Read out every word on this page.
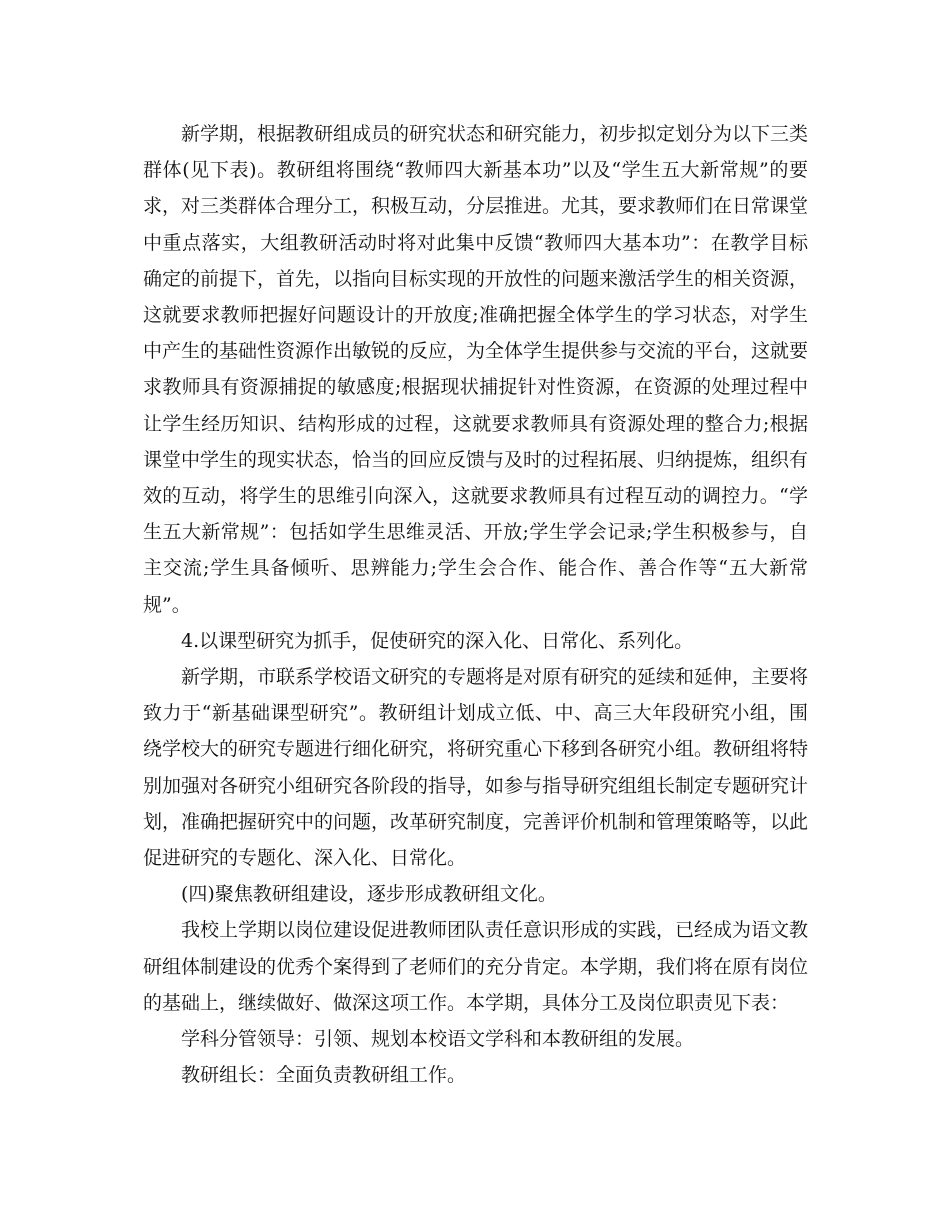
新学期，根据教研组成员的研究状态和研究能力，初步拟定划分为以下三类群体(见下表)。教研组将围绕“教师四大新基本功”以及“学生五大新常规”的要求，对三类群体合理分工，积极互动，分层推进。尤其，要求教师们在日常课堂中重点落实，大组教研活动时将对此集中反馈“教师四大基本功”：在教学目标确定的前提下，首先，以指向目标实现的开放性的问题来激活学生的相关资源，这就要求教师把握好问题设计的开放度;准确把握全体学生的学习状态，对学生中产生的基础性资源作出敏锐的反应，为全体学生提供参与交流的平台，这就要求教师具有资源捕捉的敏感度;根据现状捕捉针对性资源，在资源的处理过程中让学生经历知识、结构形成的过程，这就要求教师具有资源处理的整合力;根据课堂中学生的现实状态，恰当的回应反馈与及时的过程拓展、归纳提炼，组织有效的互动，将学生的思维引向深入，这就要求教师具有过程互动的调控力。“学生五大新常规”：包括如学生思维灵活、开放;学生学会记录;学生积极参与，自主交流;学生具备倾听、思辨能力;学生会合作、能合作、善合作等“五大新常规”。

4.以课型研究为抓手，促使研究的深入化、日常化、系列化。

新学期，市联系学校语文研究的专题将是对原有研究的延续和延伸，主要将致力于“新基础课型研究”。教研组计划成立低、中、高三大年段研究小组，围绕学校大的研究专题进行细化研究，将研究重心下移到各研究小组。教研组将特别加强对各研究小组研究各阶段的指导，如参与指导研究组组长制定专题研究计划，准确把握研究中的问题，改革研究制度，完善评价机制和管理策略等，以此促进研究的专题化、深入化、日常化。

(四)聚焦教研组建设，逐步形成教研组文化。

我校上学期以岗位建设促进教师团队责任意识形成的实践，已经成为语文教研组体制建设的优秀个案得到了老师们的充分肯定。本学期，我们将在原有岗位的基础上，继续做好、做深这项工作。本学期，具体分工及岗位职责见下表：

学科分管领导：引领、规划本校语文学科和本教研组的发展。

教研组长：全面负责教研组工作。
